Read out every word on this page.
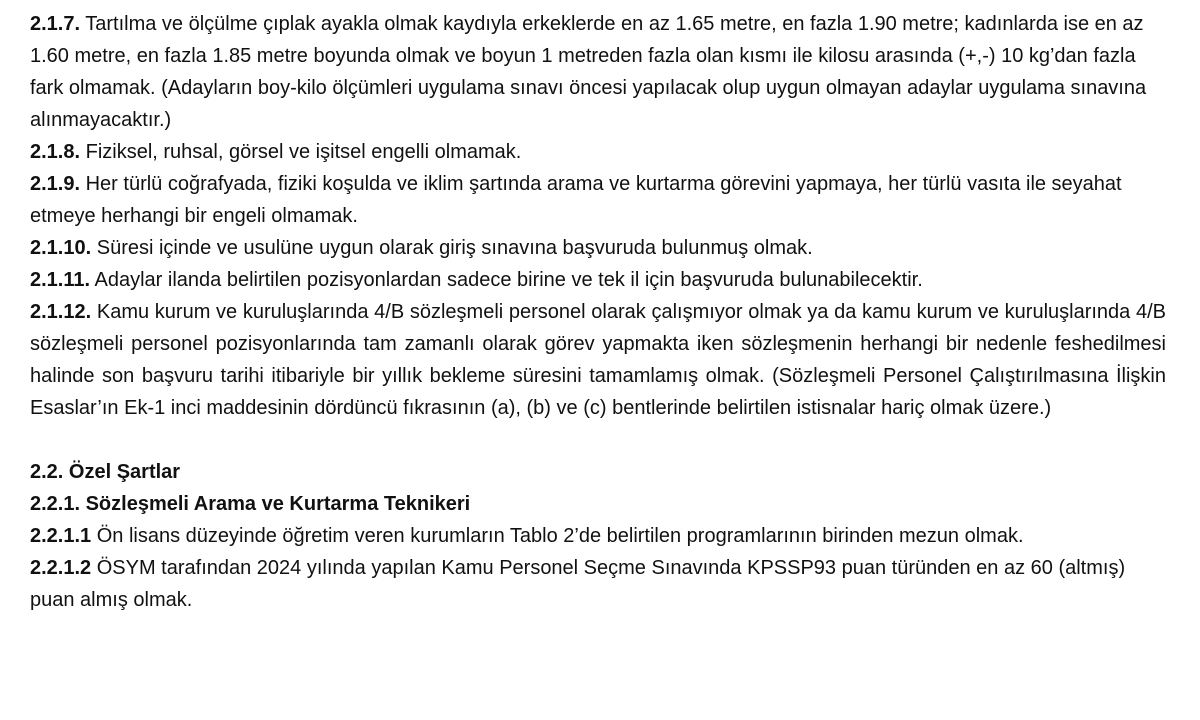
2.1.7. Tartılma ve ölçülme çıplak ayakla olmak kaydıyla erkeklerde en az 1.65 metre, en fazla 1.90 metre; kadınlarda ise en az 1.60 metre, en fazla 1.85 metre boyunda olmak ve boyun 1 metreden fazla olan kısmı ile kilosu arasında (+,-) 10 kg’dan fazla fark olmamak. (Adayların boy-kilo ölçümleri uygulama sınavı öncesi yapılacak olup uygun olmayan adaylar uygulama sınavına alınmayacaktır.)

2.1.8. Fiziksel, ruhsal, görsel ve işitsel engelli olmamak.

2.1.9. Her türlü coğrafyada, fiziki koşulda ve iklim şartında arama ve kurtarma görevini yapmaya, her türlü vasıta ile seyahat etmeye herhangi bir engeli olmamak.

2.1.10. Süresi içinde ve usulüne uygun olarak giriş sınavına başvuruda bulunmuş olmak.

2.1.11. Adaylar ilanda belirtilen pozisyonlardan sadece birine ve tek il için başvuruda bulunabilecektir.

2.1.12. Kamu kurum ve kuruluşlarında 4/B sözleşmeli personel olarak çalışmıyor olmak ya da kamu kurum ve kuruluşlarında 4/B sözleşmeli personel pozisyonlarında tam zamanlı olarak görev yapmakta iken sözleşmenin herhangi bir nedenle feshedilmesi halinde son başvuru tarihi itibariyle bir yıllık bekleme süresini tamamlamış olmak. (Sözleşmeli Personel Çalıştırılmasına İlişkin Esaslar’ın Ek-1 inci maddesinin dördüncü fıkrasının (a), (b) ve (c) bentlerinde belirtilen istisnalar hariç olmak üzere.)

2.2. Özel Şartlar

2.2.1. Sözleşmeli Arama ve Kurtarma Teknikeri

2.2.1.1 Ön lisans düzeyinde öğretim veren kurumların Tablo 2’de belirtilen programlarının birinden mezun olmak.

2.2.1.2 ÖSYM tarafından 2024 yılında yapılan Kamu Personel Seçme Sınavında KPSSP93 puan türünden en az 60 (altmış) puan almış olmak.
